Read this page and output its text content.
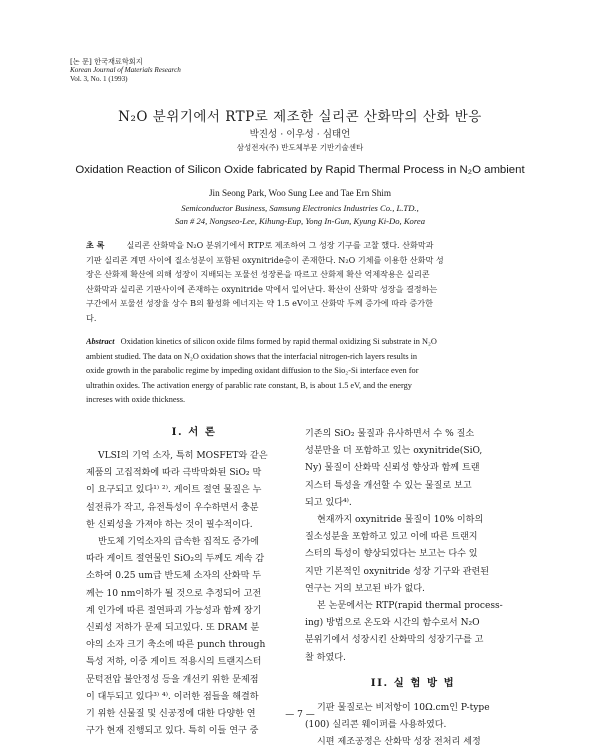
[논 문] 한국재료학회지
Korean Journal of Materials Research
Vol. 3, No. 1 (1993)
N₂O 분위기에서 RTP로 제조한 실리콘 산화막의 산화 반응
박진성 · 이우성 · 심태언
삼성전자(주) 반도체부문 기반기술센타
Oxidation Reaction of Silicon Oxide fabricated by Rapid Thermal Process in N₂O ambient
Jin Seong Park, Woo Sung Lee and Tae Ern Shim
Semiconductor Business, Samsung Electronics Industries Co., L.TD.,
San # 24, Nongseo-Lee, Kihung-Eup, Yong In-Gun, Kyung Ki-Do, Korea
초 록	실리콘 산화막을 N₂O 분위기에서 RTP로 제조하여 그 성장 기구를 고찰 했다. 산화막과
기판 실리콘 계면 사이에 질소성분이 포함된 oxynitride층이 존재한다. N₂O 기체를 이용한 산화막 성
장은 산화제 확산에 의해 성장이 지배되는 포물선 성장론을 따르고 산화제 확산 억제작용은 실리콘
산화막과 실리콘 기판사이에 존재하는 oxynitride 막에서 일어난다. 확산이 산화막 성장을 결정하는
구간에서 포물선 성장율 상수 B의 활성화 에너지는 약 1.5 eV이고 산화막 두께 증가에 따라 증가한
다.
Abstract Oxidation kinetics of silicon oxide films formed by rapid thermal oxidizing Si substrate in N₂O
ambient studied. The data on N₂O oxidation shows that the interfacial nitrogen-rich layers results in
oxide growth in the parabolic regime by impeding oxidant diffusion to the Sio₂-Si interface even for
ultrathin oxides. The activation energy of parablic rate constant, B, is about 1.5 eV, and the energy
increses with oxide thickness.
I. 서 론
VLSI의 기억 소자, 특히 MOSFET와 같은
제품의 고집적화에 따라 극박막화된 SiO₂ 막
이 요구되고 있다¹⁾ ²⁾. 게이트 절연 물질은 누
설전류가 작고, 유전특성이 우수하면서 충분
한 신뢰성을 가져야 하는 것이 필수적이다.
반도체 기억소자의 급속한 집적도 증가에
따라 게이트 절연물인 SiO₂의 두께도 계속 감
소하여 0.25 um급 반도체 소자의 산화막 두
께는 10 nm이하가 될 것으로 추정되어 고전
계 인가에 따른 절연파괴 가능성과 함께 장기
신뢰성 저하가 문제 되고있다. 또 DRAM 분
야의 소자 크기 축소에 따른 punch through
특성 저하, 이중 게이트 적용시의 트랜지스터
문턱전압 불안정성 등을 개선키 위한 문제점
이 대두되고 있다³⁾ ⁴⁾. 이러한 점들을 해결하
기 위한 신물질 및 신공정에 대한 다양한 연
구가 현재 진행되고 있다. 특히 이들 연구 중
기존의 SiO₂ 물질과 유사하면서 수 % 질소
성분만을 더 포함하고 있는 oxynitride(SiO,
Ny) 물질이 산화막 신뢰성 향상과 함께 트랜
지스터 특성을 개선할 수 있는 물질로 보고
되고 있다⁴⁾.
현재까지 oxynitride 물질이 10% 이하의
질소성분을 포함하고 있고 이에 따른 트랜지
스터의 특성이 향상되었다는 보고는 다수 있
지만 기본적인 oxynitride 성장 기구와 관련된
연구는 거의 보고된 바가 없다.
본 논문에서는 RTP(rapid thermal process-
ing) 방법으로 온도와 시간의 함수로서 N₂O
분위기에서 성장시킨 산화막의 성장기구를 고
찰 하였다.
II. 실 험 방 법
기판 물질로는 비저항이 10Ω.cm인 P-type
(100) 실리콘 웨이퍼를 사용하였다.
시편 제조공정은 산화막 성장 전처리 세정
— 7 —
